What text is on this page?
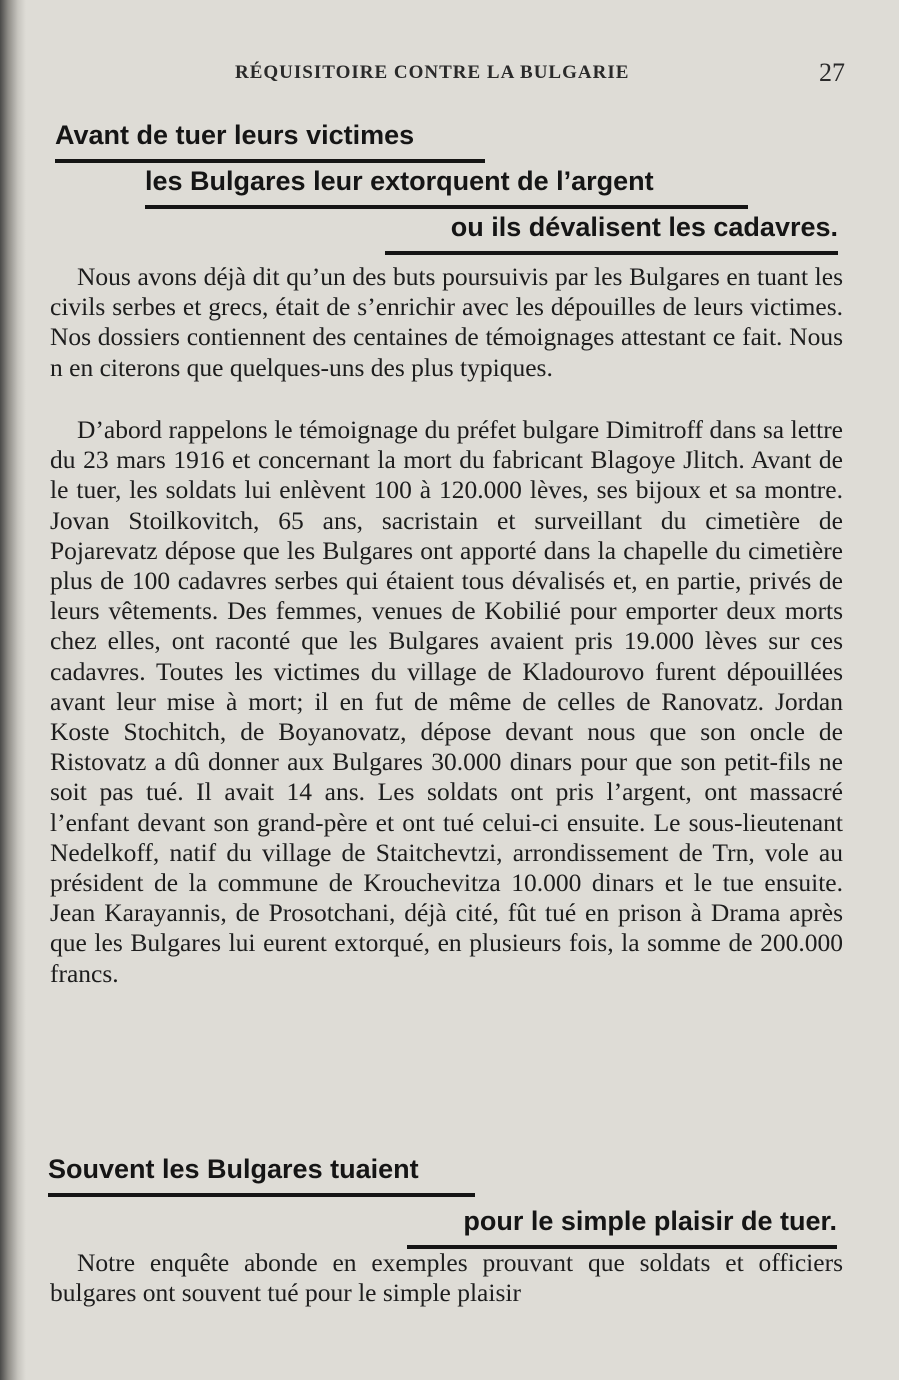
RÉQUISITOIRE CONTRE LA BULGARIE	27
Avant de tuer leurs victimes
les Bulgares leur extorquent de l’argent
ou ils dévalisent les cadavres.

Nous avons déjà dit qu’un des buts poursuivis par les Bulgares en tuant les civils serbes et grecs, était de s’enrichir avec les dépouilles de leurs victimes. Nos dossiers contiennent des centaines de témoignages attestant ce fait. Nous n en citerons que quelques-uns des plus typiques.

D’abord rappelons le témoignage du préfet bulgare Dimitroff dans sa lettre du 23 mars 1916 et concernant la mort du fabricant Blagoye Jlitch. Avant de le tuer, les soldats lui enlèvent 100 à 120.000 lèves, ses bijoux et sa montre. Jovan Stoilkovitch, 65 ans, sacristain et surveillant du cimetière de Pojarevatz dépose que les Bulgares ont apporté dans la chapelle du cimetière plus de 100 cadavres serbes qui étaient tous dévalisés et, en partie, privés de leurs vêtements. Des femmes, venues de Kobilié pour emporter deux morts chez elles, ont raconté que les Bulgares avaient pris 19.000 lèves sur ces cadavres. Toutes les victimes du village de Kladourovo furent dépouillées avant leur mise à mort; il en fut de même de celles de Ranovatz. Jordan Koste Stochitch, de Boyanovatz, dépose devant nous que son oncle de Ristovatz a dû donner aux Bulgares 30.000 dinars pour que son petit-fils ne soit pas tué. Il avait 14 ans. Les soldats ont pris l’argent, ont massacré l’enfant devant son grand-père et ont tué celui-ci ensuite. Le sous-lieutenant Nedelkoff, natif du village de Staitchevtzi, arrondissement de Trn, vole au président de la commune de Krouchevitza 10.000 dinars et le tue ensuite. Jean Karayannis, de Prosotchani, déjà cité, fût tué en prison à Drama après que les Bulgares lui eurent extorqué, en plusieurs fois, la somme de 200.000 francs.

Souvent les Bulgares tuaient
pour le simple plaisir de tuer.

Notre enquête abonde en exemples prouvant que soldats et officiers bulgares ont souvent tué pour le simple plaisir
